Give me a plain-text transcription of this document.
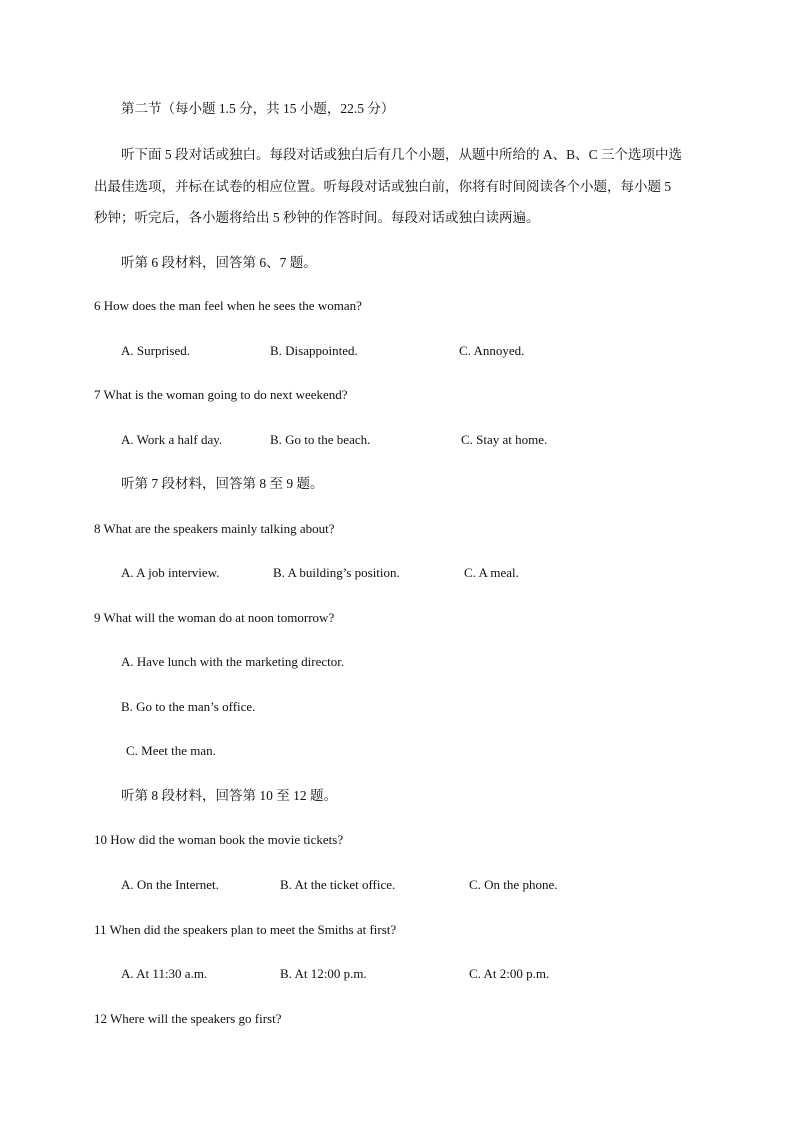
第二节（每小题 1.5 分，共 15 小题，22.5 分）
听下面 5 段对话或独白。每段对话或独白后有几个小题，从题中所给的 A、B、C 三个选项中选
出最佳选项，并标在试卷的相应位置。听每段对话或独白前，你将有时间阅读各个小题，每小题 5
秒钟；听完后，各小题将给出 5 秒钟的作答时间。每段对话或独白读两遍。
听第 6 段材料，回答第 6、7 题。
6 How does the man feel when he sees the woman?
A. Surprised.	B. Disappointed.	C. Annoyed.
7 What is the woman going to do next weekend?
A. Work a half day.	B. Go to the beach.	C. Stay at home.
听第 7 段材料，回答第 8 至 9 题。
8 What are the speakers mainly talking about?
A. A job interview.	B. A building’s position.	C. A meal.
9 What will the woman do at noon tomorrow?
A. Have lunch with the marketing director.
B. Go to the man’s office.
C. Meet the man.
听第 8 段材料，回答第 10 至 12 题。
10 How did the woman book the movie tickets?
A. On the Internet.	B. At the ticket office.	C. On the phone.
11 When did the speakers plan to meet the Smiths at first?
A. At 11:30 a.m.	B. At 12:00 p.m.	C. At 2:00 p.m.
12 Where will the speakers go first?
